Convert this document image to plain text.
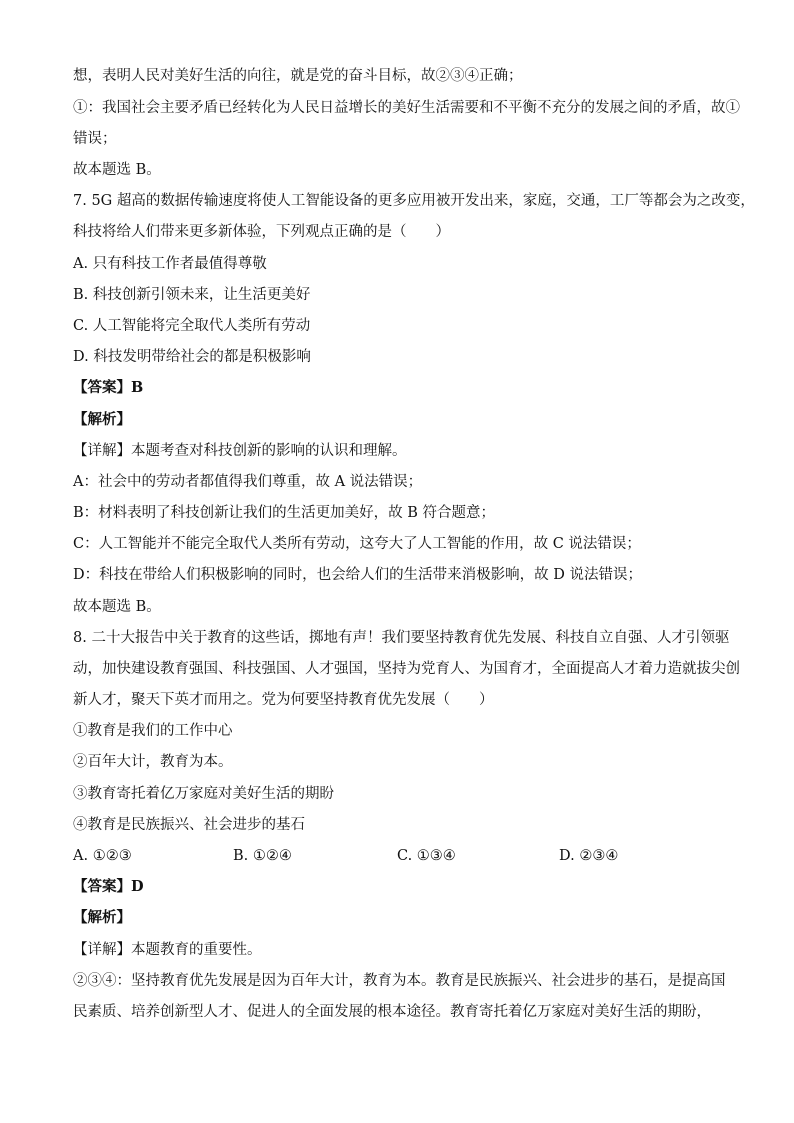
想，表明人民对美好生活的向往，就是党的奋斗目标，故②③④正确；
①：我国社会主要矛盾已经转化为人民日益增长的美好生活需要和不平衡不充分的发展之间的矛盾，故①
错误；
故本题选 B。
7. 5G 超高的数据传输速度将使人工智能设备的更多应用被开发出来，家庭，交通，工厂等都会为之改变，
科技将给人们带来更多新体验，下列观点正确的是（　　）
A. 只有科技工作者最值得尊敬
B. 科技创新引领未来，让生活更美好
C. 人工智能将完全取代人类所有劳动
D. 科技发明带给社会的都是积极影响
【答案】B
【解析】
【详解】本题考查对科技创新的影响的认识和理解。
A：社会中的劳动者都值得我们尊重，故 A 说法错误；
B：材料表明了科技创新让我们的生活更加美好，故 B 符合题意；
C：人工智能并不能完全取代人类所有劳动，这夸大了人工智能的作用，故 C 说法错误；
D：科技在带给人们积极影响的同时，也会给人们的生活带来消极影响，故 D 说法错误；
故本题选 B。
8. 二十大报告中关于教育的这些话，掷地有声！我们要坚持教育优先发展、科技自立自强、人才引领驱
动，加快建设教育强国、科技强国、人才强国，坚持为党育人、为国育才，全面提高人才着力造就拔尖创
新人才，聚天下英才而用之。党为何要坚持教育优先发展（　　）
①教育是我们的工作中心
②百年大计，教育为本。
③教育寄托着亿万家庭对美好生活的期盼
④教育是民族振兴、社会进步的基石
A. ①②③	B. ①②④	C. ①③④	D. ②③④
【答案】D
【解析】
【详解】本题教育的重要性。
②③④：坚持教育优先发展是因为百年大计，教育为本。教育是民族振兴、社会进步的基石，是提高国
民素质、培养创新型人才、促进人的全面发展的根本途径。教育寄托着亿万家庭对美好生活的期盼，
